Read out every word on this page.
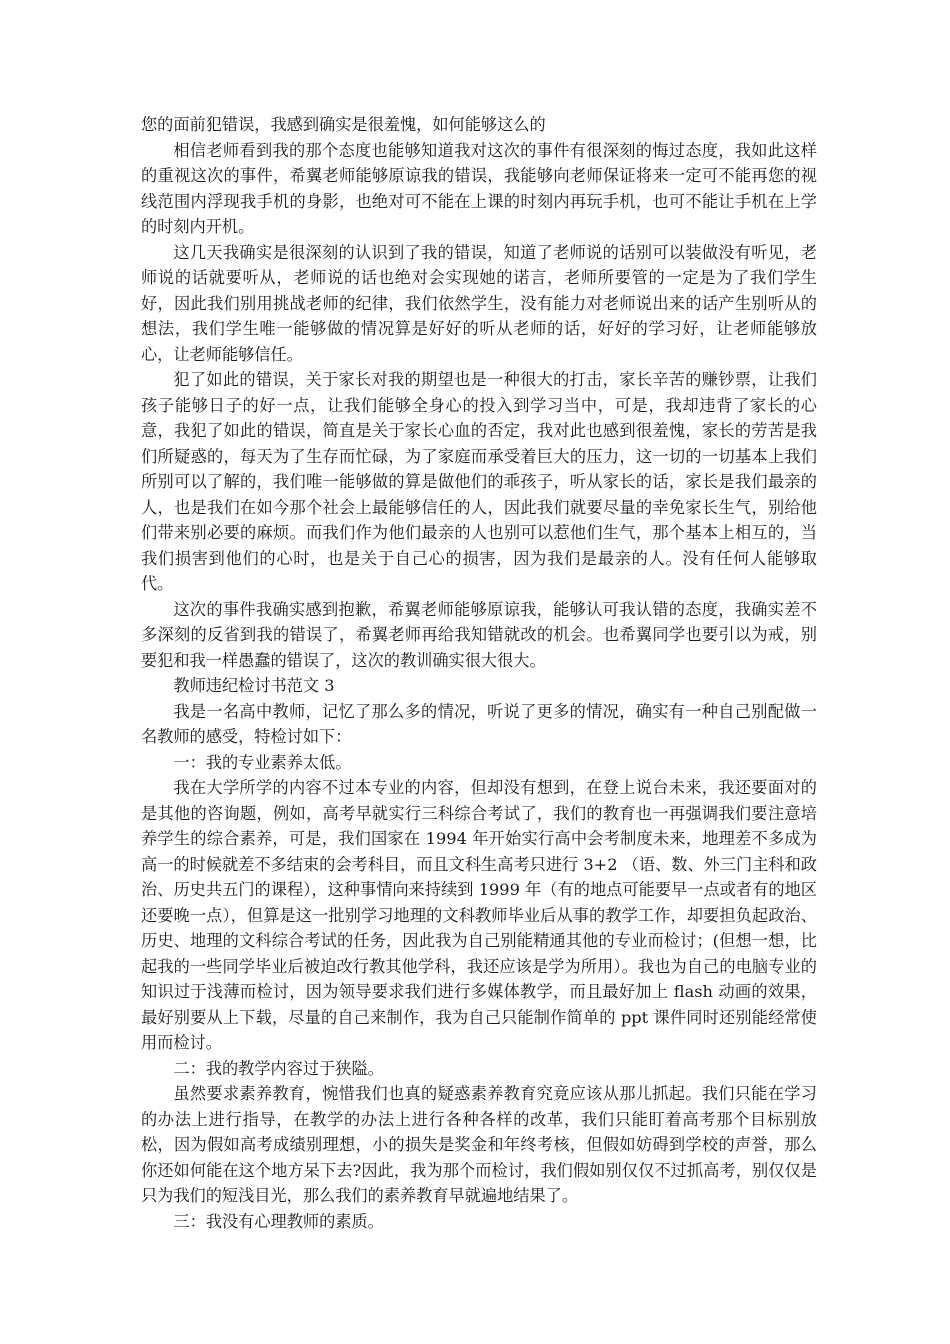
您的面前犯错误，我感到确实是很羞愧，如何能够这么的

相信老师看到我的那个态度也能够知道我对这次的事件有很深刻的悔过态度，我如此这样的重视这次的事件，希翼老师能够原谅我的错误，我能够向老师保证将来一定可不能再您的视线范围内浮现我手机的身影，也绝对可不能在上课的时刻内再玩手机，也可不能让手机在上学的时刻内开机。

这几天我确实是很深刻的认识到了我的错误，知道了老师说的话别可以装做没有听见，老师说的话就要听从，老师说的话也绝对会实现她的诺言，老师所要管的一定是为了我们学生好，因此我们别用挑战老师的纪律，我们依然学生，没有能力对老师说出来的话产生别听从的想法，我们学生唯一能够做的情况算是好好的听从老师的话，好好的学习好，让老师能够放心，让老师能够信任。

犯了如此的错误，关于家长对我的期望也是一种很大的打击，家长辛苦的赚钞票，让我们孩子能够日子的好一点，让我们能够全身心的投入到学习当中，可是，我却违背了家长的心意，我犯了如此的错误，简直是关于家长心血的否定，我对此也感到很羞愧，家长的劳苦是我们所疑惑的，每天为了生存而忙碌，为了家庭而承受着巨大的压力，这一切的一切基本上我们所别可以了解的，我们唯一能够做的算是做他们的乖孩子，听从家长的话，家长是我们最亲的人，也是我们在如今那个社会上最能够信任的人，因此我们就要尽量的幸免家长生气，别给他们带来别必要的麻烦。而我们作为他们最亲的人也别可以惹他们生气，那个基本上相互的，当我们损害到他们的心时，也是关于自己心的损害，因为我们是最亲的人。没有任何人能够取代。

这次的事件我确实感到抱歉，希翼老师能够原谅我，能够认可我认错的态度，我确实差不多深刻的反省到我的错误了，希翼老师再给我知错就改的机会。也希翼同学也要引以为戒，别要犯和我一样愚蠢的错误了，这次的教训确实很大很大。

教师违纪检讨书范文 3

我是一名高中教师，记忆了那么多的情况，听说了更多的情况，确实有一种自己别配做一名教师的感受，特检讨如下：

一：我的专业素养太低。

我在大学所学的内容不过本专业的内容，但却没有想到，在登上说台未来，我还要面对的是其他的咨询题，例如，高考早就实行三科综合考试了，我们的教育也一再强调我们要注意培养学生的综合素养，可是，我们国家在 1994 年开始实行高中会考制度未来，地理差不多成为高一的时候就差不多结束的会考科目，而且文科生高考只进行 3+2 （语、数、外三门主科和政治、历史共五门的课程），这种事情向来持续到 1999 年（有的地点可能要早一点或者有的地区还要晚一点），但算是这一批别学习地理的文科教师毕业后从事的教学工作，却要担负起政治、历史、地理的文科综合考试的任务，因此我为自己别能精通其他的专业而检讨；(但想一想，比起我的一些同学毕业后被迫改行教其他学科，我还应该是学为所用）。我也为自己的电脑专业的知识过于浅薄而检讨，因为领导要求我们进行多媒体教学，而且最好加上 flash 动画的效果，最好别要从上下载，尽量的自己来制作，我为自己只能制作简单的 ppt 课件同时还别能经常使用而检讨。

二：我的教学内容过于狭隘。

虽然要求素养教育，惋惜我们也真的疑惑素养教育究竟应该从那儿抓起。我们只能在学习的办法上进行指导，在教学的办法上进行各种各样的改革，我们只能盯着高考那个目标别放松，因为假如高考成绩别理想，小的损失是奖金和年终考核，但假如妨碍到学校的声誉，那么你还如何能在这个地方呆下去?因此，我为那个而检讨，我们假如别仅仅不过抓高考，别仅仅是只为我们的短浅目光，那么我们的素养教育早就遍地结果了。

三：我没有心理教师的素质。
